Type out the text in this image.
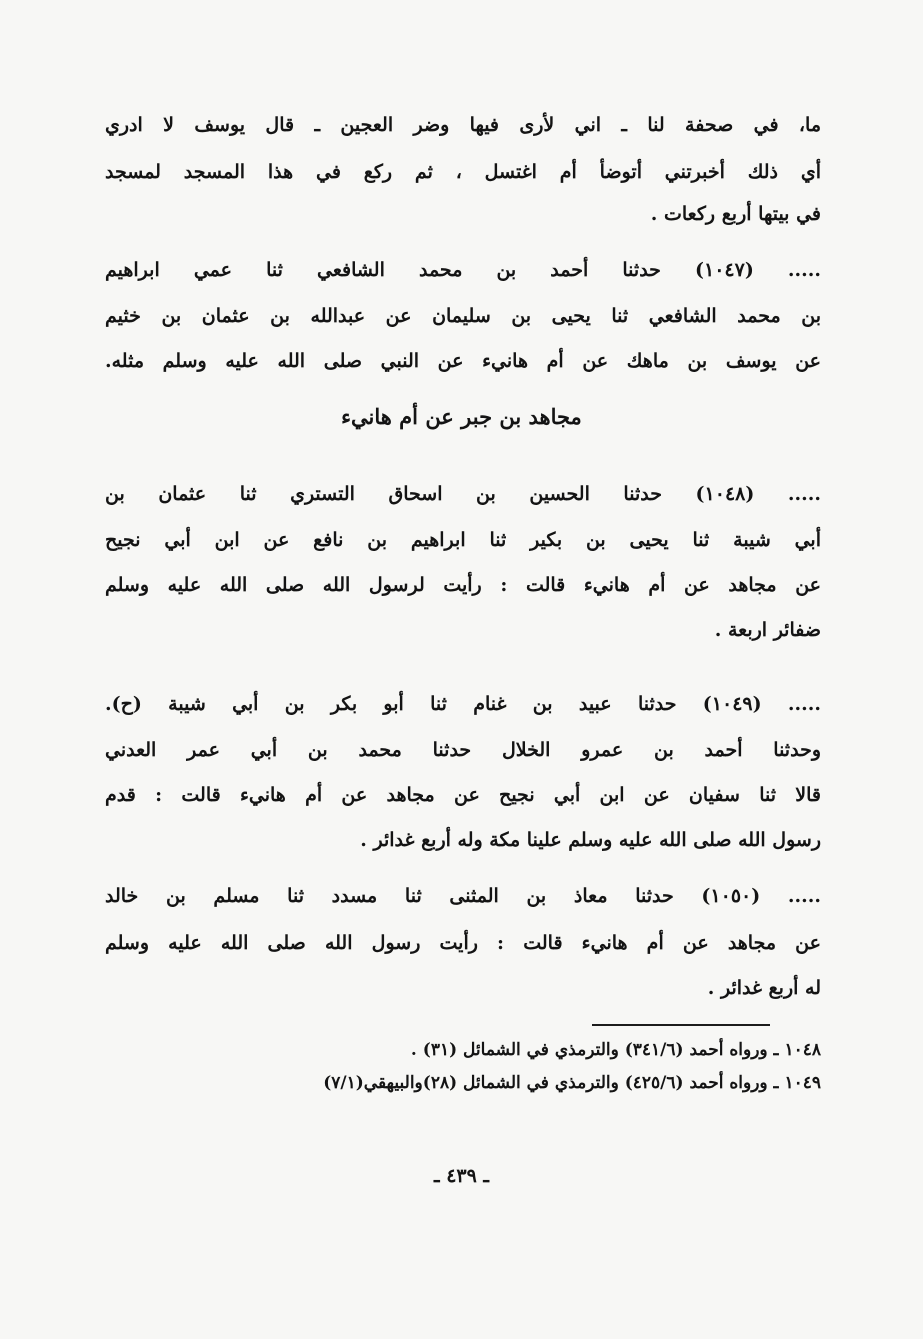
ما، في صحفة لنا ـ اني لأرى فيها وضر العجين ـ قال يوسف لا ادري
أي ذلك أخبرتني أتوضأ أم اغتسل ، ثم ركع في هذا المسجد لمسجد
في بيتها أربع ركعات .
..... (١٠٤٧) حدثنا أحمد بن محمد الشافعي ثنا عمي ابراهيم
بن محمد الشافعي ثنا يحيى بن سليمان عن عبدالله بن عثمان بن خثيم
عن يوسف بن ماهك عن أم هانيء عن النبي صلى الله عليه وسلم مثله.
مجاهد بن جبر عن أم هانيء
..... (١٠٤٨) حدثنا الحسين بن اسحاق التستري ثنا عثمان بن
أبي شيبة ثنا يحيى بن بكير ثنا ابراهيم بن نافع عن ابن أبي نجيح
عن مجاهد عن أم هانيء قالت : رأيت لرسول الله صلى الله عليه وسلم
ضفائر اربعة .
..... (١٠٤٩) حدثنا عبيد بن غنام ثنا أبو بكر بن أبي شيبة (ح).
وحدثنا أحمد بن عمرو الخلال حدثنا محمد بن أبي عمر العدني
قالا ثنا سفيان عن ابن أبي نجيح عن مجاهد عن أم هانيء قالت : قدم
رسول الله صلى الله عليه وسلم علينا مكة وله أربع غدائر .
..... (١٠٥٠) حدثنا معاذ بن المثنى ثنا مسدد ثنا مسلم بن خالد
عن مجاهد عن أم هانيء قالت : رأيت رسول الله صلى الله عليه وسلم
له أربع غدائر .
١٠٤٨ ـ ورواه أحمد (٣٤١/٦) والترمذي في الشمائل (٣١) .
١٠٤٩ ـ ورواه أحمد (٤٢٥/٦) والترمذي في الشمائل (٢٨)والبيهقي(٧/١)
ـ ٤٣٩ ـ
